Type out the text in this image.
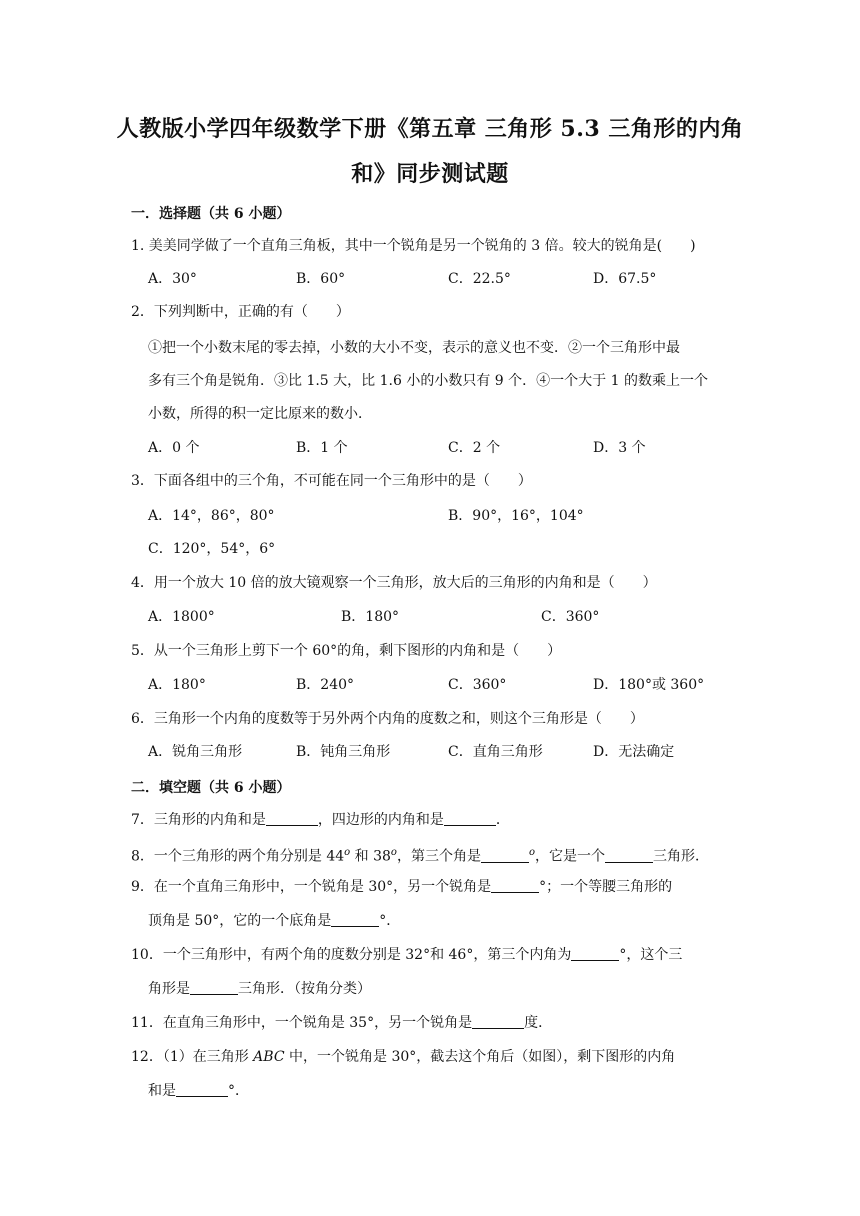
人教版小学四年级数学下册《第五章 三角形 5.3 三角形的内角
和》同步测试题
一．选择题（共 6 小题）
1. 美美同学做了一个直角三角板，其中一个锐角是另一个锐角的 3 倍。较大的锐角是(　　)
A．30°	B．60°	C．22.5°	D．67.5°
2．下列判断中，正确的有（　　）
①把一个小数末尾的零去掉，小数的大小不变，表示的意义也不变．②一个三角形中最
多有三个角是锐角．③比 1.5 大，比 1.6 小的小数只有 9 个．④一个大于 1 的数乘上一个
小数，所得的积一定比原来的数小．
A．0 个	B．1 个	C．2 个	D．3 个
3．下面各组中的三个角，不可能在同一个三角形中的是（　　）
A．14°，86°，80°	B．90°，16°，104°
C．120°，54°，6°
4．用一个放大 10 倍的放大镜观察一个三角形，放大后的三角形的内角和是（　　）
A．1800°	B．180°	C．360°
5．从一个三角形上剪下一个 60°的角，剩下图形的内角和是（　　）
A．180°	B．240°	C．360°	D．180°或 360°
6．三角形一个内角的度数等于另外两个内角的度数之和，则这个三角形是（　　）
A．锐角三角形	B．钝角三角形	C．直角三角形	D．无法确定
二．填空题（共 6 小题）
7．三角形的内角和是	，四边形的内角和是	．
8．一个三角形的两个角分别是 44$^o$ 和 38$^o$，第三个角是	$^o$，它是一个	三角形．
9．在一个直角三角形中，一个锐角是 30°，另一个锐角是	°；一个等腰三角形的
顶角是 50°，它的一个底角是	°．
10．一个三角形中，有两个角的度数分别是 32°和 46°，第三个内角为	°，这个三
角形是	三角形．（按角分类）
11．在直角三角形中，一个锐角是 35°，另一个锐角是	度．
12．（1）在三角形 ABC 中，一个锐角是 30°，截去这个角后（如图），剩下图形的内角
和是	°．
